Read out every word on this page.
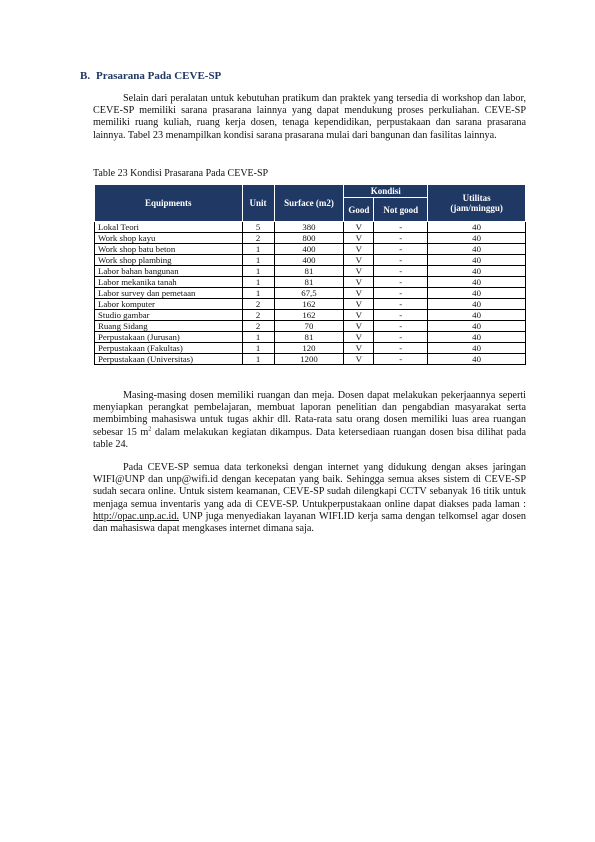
B. Prasarana Pada CEVE-SP

Selain dari peralatan untuk kebutuhan pratikum dan praktek yang tersedia di workshop dan labor, CEVE-SP memiliki sarana prasarana lainnya yang dapat mendukung proses perkuliahan. CEVE-SP memiliki ruang kuliah, ruang kerja dosen, tenaga kependidikan, perpustakaan dan sarana prasarana lainnya. Tabel 23 menampilkan kondisi sarana prasarana mulai dari bangunan dan fasilitas lainnya.

Table 23 Kondisi Prasarana Pada CEVE-SP

Equipments	Unit	Surface (m2)	Kondisi		Utilitas
(jam/minggu)

			Good	Not good	
Lokal Teori	5	380	V	-	40
Work shop kayu	2	800	V	-	40
Work shop batu beton	1	400	V	-	40
Work shop plambing	1	400	V	-	40
Labor bahan bangunan	1	81	V	-	40
Labor mekanika tanah	1	81	V	-	40
Labor survey dan pemetaan	1	67,5	V	-	40
Labor komputer	2	162	V	-	40
Studio gambar	2	162	V	-	40
Ruang Sidang	2	70	V	-	40
Perpustakaan (Jurusan)	1	81	V	-	40
Perpustakaan (Fakultas)	1	120	V	-	40
Perpustakaan (Universitas)	1	1200	V	-	40

Masing-masing dosen memiliki ruangan dan meja. Dosen dapat melakukan pekerjaannya seperti menyiapkan perangkat pembelajaran, membuat laporan penelitian dan pengabdian masyarakat serta membimbing mahasiswa untuk tugas akhir dll. Rata-rata satu orang dosen memiliki luas area ruangan sebesar 15 $m^2$ dalam melakukan kegiatan dikampus. Data ketersediaan ruangan dosen bisa dilihat pada table 24.

Pada CEVE-SP semua data terkoneksi dengan internet yang didukung dengan akses jaringan WIFI@UNP dan unp@wifi.id dengan kecepatan yang baik. Sehingga semua akses sistem di CEVE-SP sudah secara online. Untuk sistem keamanan, CEVE-SP sudah dilengkapi CCTV sebanyak 16 titik untuk menjaga semua inventaris yang ada di CEVE-SP. Untukperpustakaan online dapat diakses pada laman : http://opac.unp.ac.id. UNP juga menyediakan layanan WIFI.ID kerja sama dengan telkomsel agar dosen dan mahasiswa dapat mengkases internet dimana saja.
